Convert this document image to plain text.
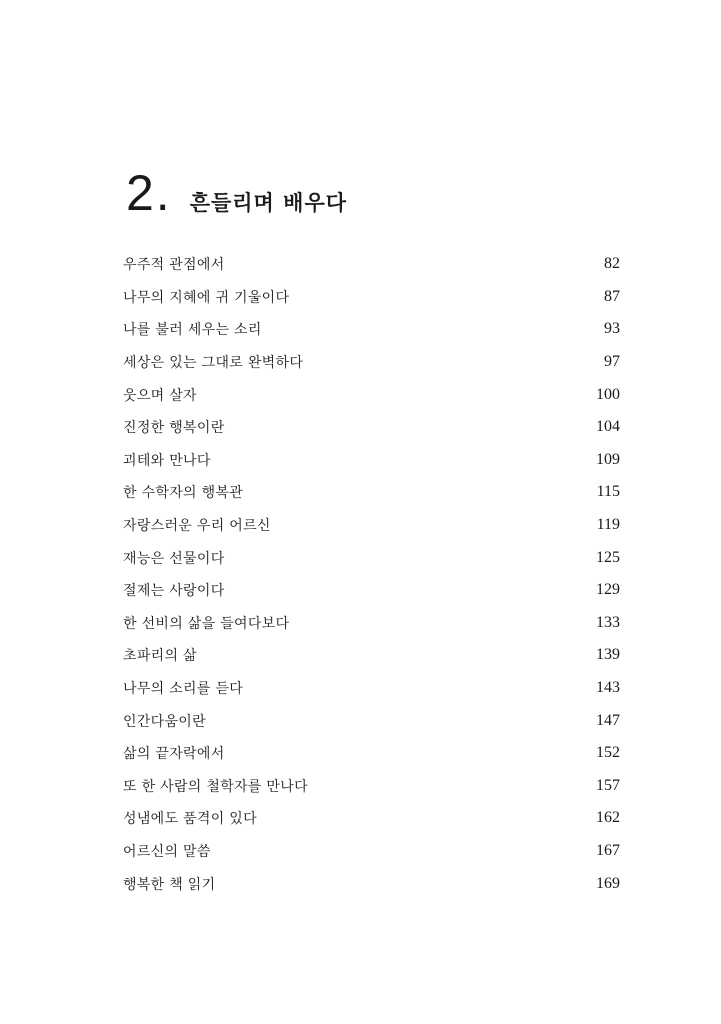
2. 흔들리며 배우다
우주적 관점에서	82
나무의 지혜에 귀 기울이다	87
나를 불러 세우는 소리	93
세상은 있는 그대로 완벽하다	97
웃으며 살자	100
진정한 행복이란	104
괴테와 만나다	109
한 수학자의 행복관	115
자랑스러운 우리 어르신	119
재능은 선물이다	125
절제는 사랑이다	129
한 선비의 삶을 들여다보다	133
초파리의 삶	139
나무의 소리를 듣다	143
인간다움이란	147
삶의 끝자락에서	152
또 한 사람의 철학자를 만나다	157
성냄에도 품격이 있다	162
어르신의 말씀	167
행복한 책 읽기	169
